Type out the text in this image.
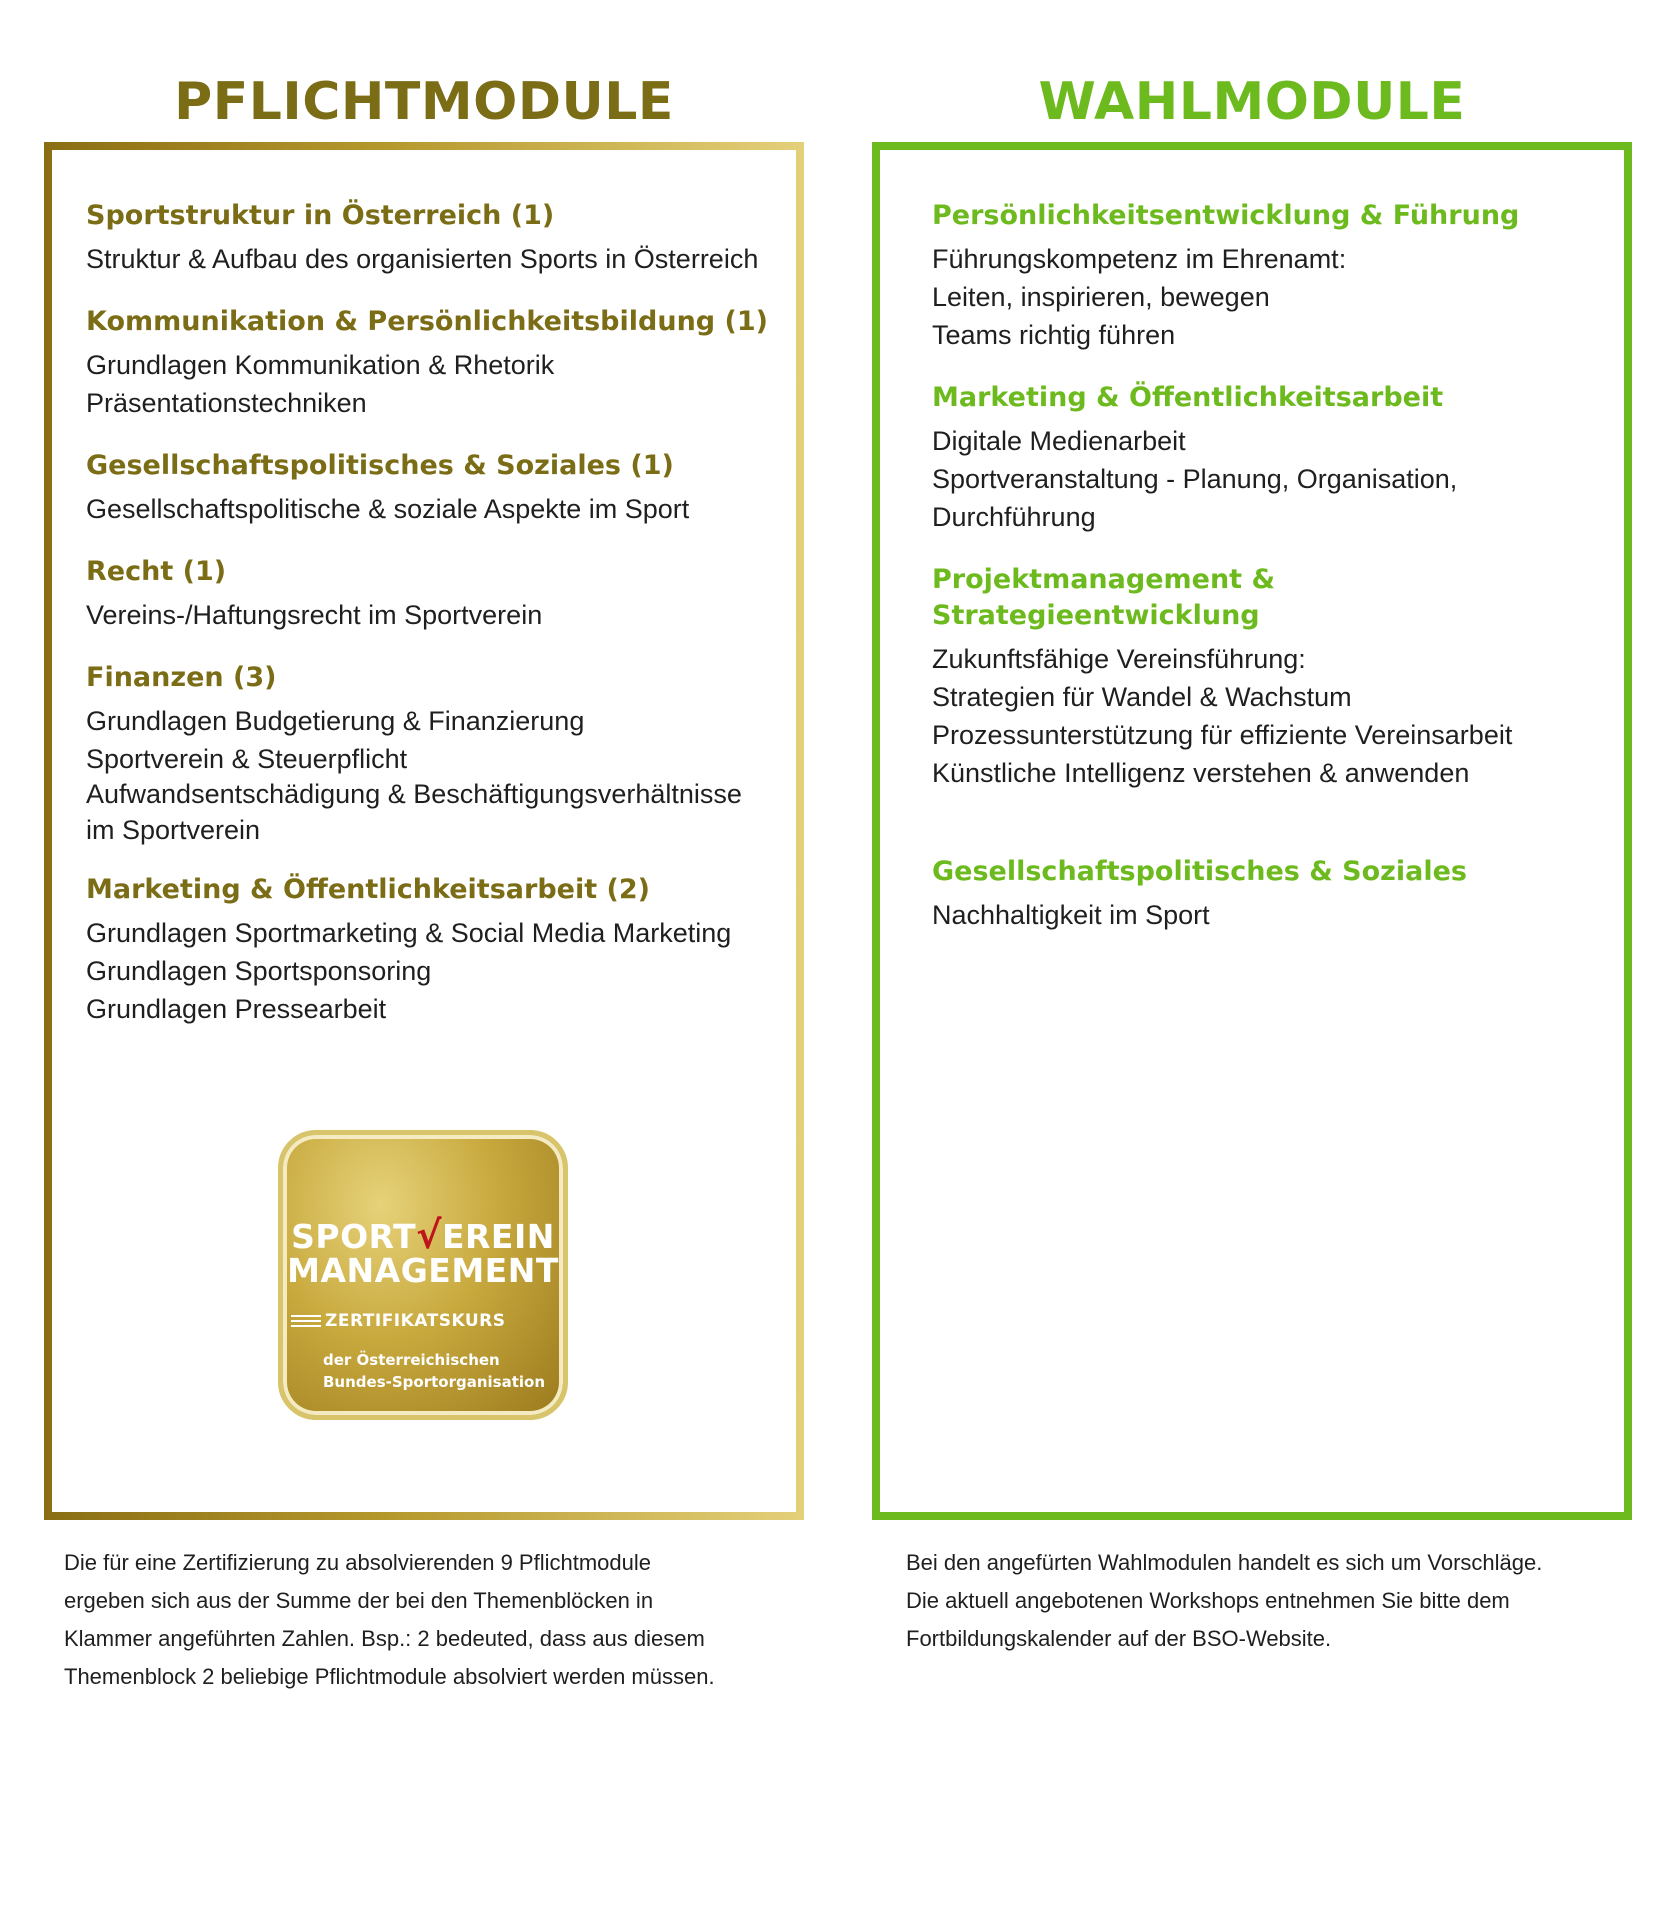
PFLICHTMODULE	WAHLMODULE
Sportstruktur in Österreich (1)
Struktur & Aufbau des organisierten Sports in Österreich
Kommunikation & Persönlichkeitsbildung (1)
Grundlagen Kommunikation & Rhetorik
Präsentationstechniken
Gesellschaftspolitisches & Soziales (1)
Gesellschaftspolitische & soziale Aspekte im Sport
Recht (1)
Vereins-/Haftungsrecht im Sportverein
Finanzen (3)
Grundlagen Budgetierung & Finanzierung
Sportverein & Steuerpflicht
Aufwandsentschädigung & Beschäftigungsverhältnisse
im Sportverein
Marketing & Öffentlichkeitsarbeit (2)
Grundlagen Sportmarketing & Social Media Marketing
Grundlagen Sportsponsoring
Grundlagen Pressearbeit
SPORT√EREIN
MANAGEMENT
ZERTIFIKATSKURS
der Österreichischen
Bundes-Sportorganisation
Persönlichkeitsentwicklung & Führung
Führungskompetenz im Ehrenamt:
Leiten, inspirieren, bewegen
Teams richtig führen
Marketing & Öffentlichkeitsarbeit
Digitale Medienarbeit
Sportveranstaltung - Planung, Organisation,
Durchführung
Projektmanagement & Strategieentwicklung
Zukunftsfähige Vereinsführung:
Strategien für Wandel & Wachstum
Prozessunterstützung für effiziente Vereinsarbeit
Künstliche Intelligenz verstehen & anwenden
Gesellschaftspolitisches & Soziales
Nachhaltigkeit im Sport
Die für eine Zertifizierung zu absolvierenden 9 Pflichtmodule
ergeben sich aus der Summe der bei den Themenblöcken in
Klammer angeführten Zahlen. Bsp.: 2 bedeuted, dass aus diesem
Themenblock 2 beliebige Pflichtmodule absolviert werden müssen.
Bei den angefürten Wahlmodulen handelt es sich um Vorschläge.
Die aktuell angebotenen Workshops entnehmen Sie bitte dem
Fortbildungskalender auf der BSO-Website.
